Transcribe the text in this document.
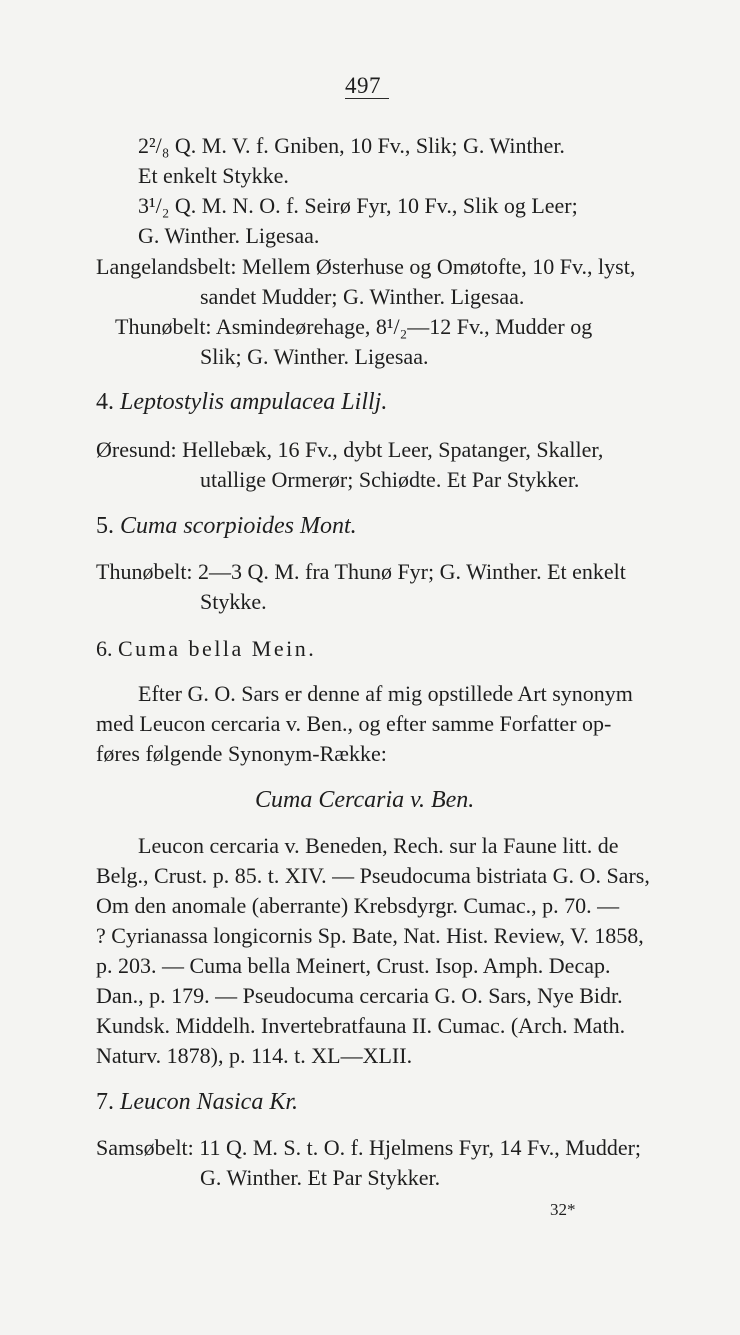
497
2²/₈ Q. M. V. f. Gniben, 10 Fv., Slik; G. Winther.
Et enkelt Stykke.
3¹/₂ Q. M. N. O. f. Seirø Fyr, 10 Fv., Slik og Leer;
G. Winther. Ligesaa.
Langelandsbelt: Mellem Østerhuse og Omøtofte, 10 Fv., lyst,
sandet Mudder; G. Winther. Ligesaa.
Thunøbelt: Asmindeørehage, 8¹/₂—12 Fv., Mudder og
Slik; G. Winther. Ligesaa.
4. Leptostylis ampulacea Lillj.
Øresund: Hellebæk, 16 Fv., dybt Leer, Spatanger, Skaller,
utallige Ormerør; Schiødte. Et Par Stykker.
5. Cuma scorpioides Mont.
Thunøbelt: 2—3 Q. M. fra Thunø Fyr; G. Winther. Et enkelt
Stykke.
6. Cuma bella Mein.
Efter G. O. Sars er denne af mig opstillede Art synonym
med Leucon cercaria v. Ben., og efter samme Forfatter op-
føres følgende Synonym-Række:
Cuma Cercaria v. Ben.
Leucon cercaria v. Beneden, Rech. sur la Faune litt. de
Belg., Crust. p. 85. t. XIV. — Pseudocuma bistriata G. O. Sars,
Om den anomale (aberrante) Krebsdyrgr. Cumac., p. 70. —
? Cyrianassa longicornis Sp. Bate, Nat. Hist. Review, V. 1858,
p. 203. — Cuma bella Meinert, Crust. Isop. Amph. Decap.
Dan., p. 179. — Pseudocuma cercaria G. O. Sars, Nye Bidr.
Kundsk. Middelh. Invertebratfauna II. Cumac. (Arch. Math.
Naturv. 1878), p. 114. t. XL—XLII.
7. Leucon Nasica Kr.
Samsøbelt: 11 Q. M. S. t. O. f. Hjelmens Fyr, 14 Fv., Mudder;
G. Winther. Et Par Stykker.
32*
